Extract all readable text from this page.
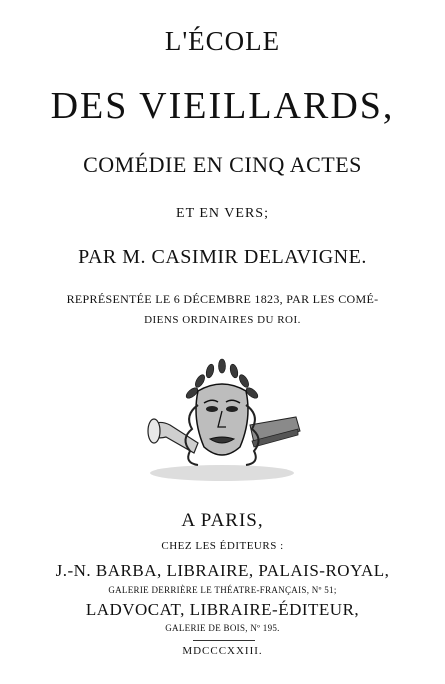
L'ÉCOLE
DES VIEILLARDS,
COMÉDIE EN CINQ ACTES
ET EN VERS;
PAR M. CASIMIR DELAVIGNE.
REPRÉSENTÉE LE 6 DÉCEMBRE 1823, PAR LES COMÉ-
DIENS ORDINAIRES DU ROI.
A PARIS,
CHEZ LES ÉDITEURS :
J.-N. BARBA, LIBRAIRE, PALAIS-ROYAL,
GALERIE DERRIÈRE LE THÉATRE-FRANÇAIS, Nº 51;
LADVOCAT, LIBRAIRE-ÉDITEUR,
GALERIE DE BOIS, Nº 195.
MDCCCXXIII.
